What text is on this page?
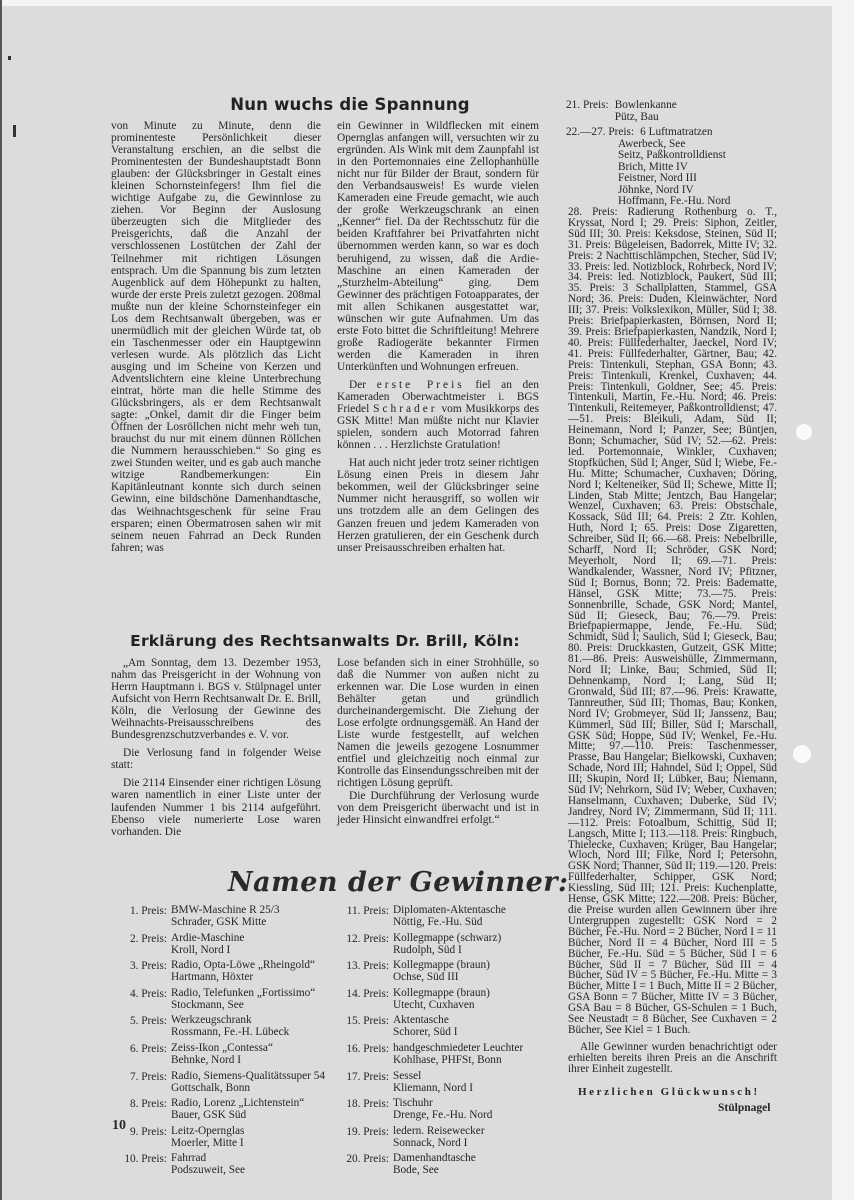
Nun wuchs die Spannung

von Minute zu Minute, denn die prominenteste Persönlichkeit dieser Veranstaltung erschien, an die selbst die Prominentesten der Bundeshauptstadt Bonn glauben: der Glücksbringer in Gestalt eines kleinen Schornsteinfegers! Ihm fiel die wichtige Aufgabe zu, die Gewinnlose zu ziehen. Vor Beginn der Auslosung überzeugten sich die Mitglieder des Preisgerichts, daß die Anzahl der verschlossenen Lostütchen der Zahl der Teilnehmer mit richtigen Lösungen entsprach. Um die Spannung bis zum letzten Augenblick auf dem Höhepunkt zu halten, wurde der erste Preis zuletzt gezogen. 208mal mußte nun der kleine Schornsteinfeger ein Los dem Rechtsanwalt übergeben, was er unermüdlich mit der gleichen Würde tat, ob ein Taschenmesser oder ein Hauptgewinn verlesen wurde. Als plötzlich das Licht ausging und im Scheine von Kerzen und Adventslichtern eine kleine Unterbrechung eintrat, hörte man die helle Stimme des Glücksbringers, als er dem Rechtsanwalt sagte: „Onkel, damit dir die Finger beim Öffnen der Losröllchen nicht mehr weh tun, brauchst du nur mit einem dünnen Röllchen die Nummern herausschieben.“ So ging es zwei Stunden weiter, und es gab auch manche witzige Randbemerkungen: Ein Kapitänleutnant konnte sich durch seinen Gewinn, eine bildschöne Damenhandtasche, das Weihnachtsgeschenk für seine Frau ersparen; einen Obermatrosen sahen wir mit seinem neuen Fahrrad an Deck Runden fahren; was

ein Gewinner in Wildflecken mit einem Opernglas anfangen will, versuchten wir zu ergründen. Als Wink mit dem Zaunpfahl ist in den Portemonnaies eine Zellophanhülle nicht nur für Bilder der Braut, sondern für den Verbandsausweis! Es wurde vielen Kameraden eine Freude gemacht, wie auch der große Werkzeugschrank an einen „Kenner“ fiel. Da der Rechtsschutz für die beiden Kraftfahrer bei Privatfahrten nicht übernommen werden kann, so war es doch beruhigend, zu wissen, daß die Ardie-Maschine an einen Kameraden der „Sturzhelm-Abteilung“ ging. Dem Gewinner des prächtigen Fotoapparates, der mit allen Schikanen ausgestattet war, wünschen wir gute Aufnahmen. Um das erste Foto bittet die Schriftleitung! Mehrere große Radiogeräte bekannter Firmen werden die Kameraden in ihren Unterkünften und Wohnungen erfreuen.

Der erste Preis fiel an den Kameraden Oberwachtmeister i. BGS Friedel Schrader vom Musikkorps des GSK Mitte! Man müßte nicht nur Klavier spielen, sondern auch Motorrad fahren können . . . Herzlichste Gratulation!

Hat auch nicht jeder trotz seiner richtigen Lösung einen Preis in diesem Jahr bekommen, weil der Glücksbringer seine Nummer nicht herausgriff, so wollen wir uns trotzdem alle an dem Gelingen des Ganzen freuen und jedem Kameraden von Herzen gratulieren, der ein Geschenk durch unser Preisausschreiben erhalten hat.

Erklärung des Rechtsanwalts Dr. Brill, Köln:

„Am Sonntag, dem 13. Dezember 1953, nahm das Preisgericht in der Wohnung von Herrn Hauptmann i. BGS v. Stülpnagel unter Aufsicht von Herrn Rechtsanwalt Dr. E. Brill, Köln, die Verlosung der Gewinne des Weihnachts-Preisausschreibens des Bundesgrenzschutzverbandes e. V. vor.

Die Verlosung fand in folgender Weise statt:

Die 2114 Einsender einer richtigen Lösung waren namentlich in einer Liste unter der laufenden Nummer 1 bis 2114 aufgeführt. Ebenso viele numerierte Lose waren vorhanden. Die

Lose befanden sich in einer Strohhülle, so daß die Nummer von außen nicht zu erkennen war. Die Lose wurden in einen Behälter getan und gründlich durcheinandergemischt. Die Ziehung der Lose erfolgte ordnungsgemäß. An Hand der Liste wurde festgestellt, auf welchen Namen die jeweils gezogene Losnummer entfiel und gleichzeitig noch einmal zur Kontrolle das Einsendungsschreiben mit der richtigen Lösung geprüft.

Die Durchführung der Verlosung wurde von dem Preisgericht überwacht und ist in jeder Hinsicht einwandfrei erfolgt.“

Namen der Gewinner:
1. Preis: BMW-Maschine R 25/3
Schrader, GSK Mitte
2. Preis: Ardie-Maschine
Kroll, Nord I
3. Preis: Radio, Opta-Löwe „Rheingold“
Hartmann, Höxter
4. Preis: Radio, Telefunken „Fortissimo“
Stockmann, See
5. Preis: Werkzeugschrank
Rossmann, Fe.-H. Lübeck
6. Preis: Zeiss-Ikon „Contessa“
Behnke, Nord I
7. Preis: Radio, Siemens-Qualitätssuper 54
Gottschalk, Bonn
8. Preis: Radio, Lorenz „Lichtenstein“
Bauer, GSK Süd
9. Preis: Leitz-Opernglas
Moerler, Mitte I
10. Preis: Fahrrad
Podszuweit, See
11. Preis: Diplomaten-Aktentasche
Nöttig, Fe.-Hu. Süd
12. Preis: Kollegmappe (schwarz)
Rudolph, Süd I
13. Preis: Kollegmappe (braun)
Ochse, Süd III
14. Preis: Kollegmappe (braun)
Utecht, Cuxhaven
15. Preis: Aktentasche
Schorer, Süd I
16. Preis: handgeschmiedeter Leuchter
Kohlhase, PHFSt, Bonn
17. Preis: Sessel
Kliemann, Nord I
18. Preis: Tischuhr
Drenge, Fe.-Hu. Nord
19. Preis: ledern. Reisewecker
Sonnack, Nord I
20. Preis: Damenhandtasche
Bode, See
10
21. Preis: Bowlenkanne
Pütz, Bau
22.—27. Preis: 6 Luftmatratzen
Awerbeck, See
Seitz, Paßkontrolldienst
Brich, Mitte IV
Feistner, Nord III
Jöhnke, Nord IV
Hoffmann, Fe.-Hu. Nord

28. Preis: Radierung Rothenburg o. T., Kryssat, Nord I; 29. Preis: Siphon, Zeitler, Süd III; 30. Preis: Keksdose, Steinen, Süd II; 31. Preis: Bügeleisen, Badorrek, Mitte IV; 32. Preis: 2 Nachttischlämpchen, Stecher, Süd IV; 33. Preis: led. Notizblock, Rohrbeck, Nord IV; 34. Preis: led. Notizblock, Paukert, Süd III; 35. Preis: 3 Schallplatten, Stammel, GSA Nord; 36. Preis: Duden, Kleinwächter, Nord III; 37. Preis: Volkslexikon, Müller, Süd I; 38. Preis: Briefpapierkasten, Börnsen, Nord II; 39. Preis: Briefpapierkasten, Nandzik, Nord I; 40. Preis: Füllfederhalter, Jaeckel, Nord IV; 41. Preis: Füllfederhalter, Gärtner, Bau; 42. Preis: Tintenkuli, Stephan, GSA Bonn; 43. Preis: Tintenkuli, Krenkel, Cuxhaven; 44. Preis: Tintenkuli, Goldner, See; 45. Preis: Tintenkuli, Martin, Fe.-Hu. Nord; 46. Preis: Tintenkuli, Reitemeyer, Paßkontrolldienst; 47.—51. Preis: Bleikuli, Adam, Süd II; Heinemann, Nord I; Panzer, See; Büntjen, Bonn; Schumacher, Süd IV; 52.—62. Preis: led. Portemonnaie, Winkler, Cuxhaven; Stopfküchen, Süd I; Anger, Süd I; Wiebe, Fe.-Hu. Mitte; Schumacher, Cuxhaven; Döring, Nord I; Kelteneiker, Süd II; Schewe, Mitte II; Linden, Stab Mitte; Jentzch, Bau Hangelar; Wenzel, Cuxhaven; 63. Preis: Obstschale, Kossack, Süd III; 64. Preis: 2 Ztr. Kohlen, Huth, Nord I; 65. Preis: Dose Zigaretten, Schreiber, Süd II; 66.—68. Preis: Nebelbrille, Scharff, Nord II; Schröder, GSK Nord; Meyerholt, Nord II; 69.—71. Preis: Wandkalender, Wassner, Nord IV; Pfitzner, Süd I; Bornus, Bonn; 72. Preis: Badematte, Hänsel, GSK Mitte; 73.—75. Preis: Sonnenbrille, Schade, GSK Nord; Mantel, Süd II; Gieseck, Bau; 76.—79. Preis: Briefpapiermappe, Jende, Fe.-Hu. Süd; Schmidt, Süd I; Saulich, Süd I; Gieseck, Bau; 80. Preis: Druckkasten, Gutzeit, GSK Mitte; 81.—86. Preis: Ausweishülle, Zimmermann, Nord II; Linke, Bau; Schmied, Süd II; Dehnenkamp, Nord I; Lang, Süd II; Gronwald, Süd III; 87.—96. Preis: Krawatte, Tannreuther, Süd III; Thomas, Bau; Konken, Nord IV; Grobmeyer, Süd II; Janssenz, Bau; Kümmerl, Süd III; Biller, Süd I; Marschall, GSK Süd; Hoppe, Süd IV; Wenkel, Fe.-Hu. Mitte; 97.—110. Preis: Taschenmesser, Prasse, Bau Hangelar; Bielkowski, Cuxhaven; Schade, Nord III; Hahndel, Süd I; Oppel, Süd III; Skupin, Nord II; Lübker, Bau; Niemann, Süd IV; Nehrkorn, Süd IV; Weber, Cuxhaven; Hanselmann, Cuxhaven; Duberke, Süd IV; Jandrey, Nord IV; Zimmermann, Süd II; 111.—112. Preis: Fotoalbum, Schittig, Süd II; Langsch, Mitte I; 113.—118. Preis: Ringbuch, Thielecke, Cuxhaven; Krüger, Bau Hangelar; Wloch, Nord III; Filke, Nord I; Petersohn, GSK Nord; Thanner, Süd II; 119.—120. Preis: Füllfederhalter, Schipper, GSK Nord; Kiessling, Süd III; 121. Preis: Kuchenplatte, Hense, GSK Mitte; 122.—208. Preis: Bücher, die Preise wurden allen Gewinnern über ihre Untergruppen zugestellt: GSK Nord = 2 Bücher, Fe.-Hu. Nord = 2 Bücher, Nord I = 11 Bücher, Nord II = 4 Bücher, Nord III = 5 Bücher, Fe.-Hu. Süd = 5 Bücher, Süd I = 6 Bücher, Süd II = 7 Bücher, Süd III = 4 Bücher, Süd IV = 5 Bücher, Fe.-Hu. Mitte = 3 Bücher, Mitte I = 1 Buch, Mitte II = 2 Bücher, GSA Bonn = 7 Bücher, Mitte IV = 3 Bücher, GSA Bau = 8 Bücher, GS-Schulen = 1 Buch, See Neustadt = 8 Bücher, See Cuxhaven = 2 Bücher, See Kiel = 1 Buch.

Alle Gewinner wurden benachrichtigt oder erhielten bereits ihren Preis an die Anschrift ihrer Einheit zugestellt.

Herzlichen Glückwunsch!
Stülpnagel
